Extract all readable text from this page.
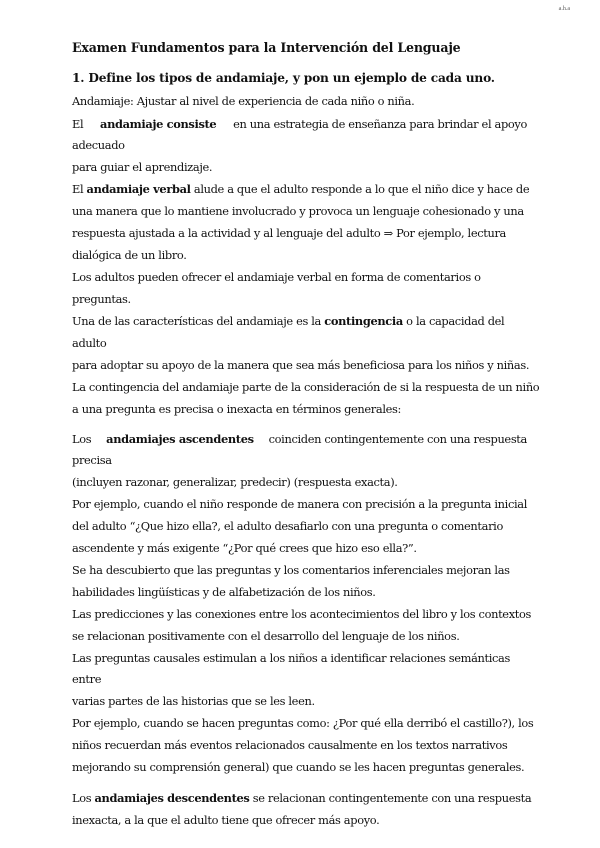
a.h.a
Examen Fundamentos para la Intervención del Lenguaje
1. Define los tipos de andamiaje, y pon un ejemplo de cada uno.
Andamiaje: Ajustar al nivel de experiencia de cada niño o niña.
El andamiaje consiste en una estrategia de enseñanza para brindar el apoyo
adecuado
para guiar el aprendizaje.
El andamiaje verbal alude a que el adulto responde a lo que el niño dice y hace de
una manera que lo mantiene involucrado y provoca un lenguaje cohesionado y una
respuesta ajustada a la actividad y al lenguaje del adulto ⇒ Por ejemplo, lectura
dialógica de un libro.
Los adultos pueden ofrecer el andamiaje verbal en forma de comentarios o
preguntas.
Una de las características del andamiaje es la contingencia o la capacidad del
adulto
para adoptar su apoyo de la manera que sea más beneficiosa para los niños y niñas.
La contingencia del andamiaje parte de la consideración de si la respuesta de un niño
a una pregunta es precisa o inexacta en términos generales:
Los andamiajes ascendentes coinciden contingentemente con una respuesta
precisa
(incluyen razonar, generalizar, predecir) (respuesta exacta).
Por ejemplo, cuando el niño responde de manera con precisión a la pregunta inicial
del adulto “¿Que hizo ella?, el adulto desafiarlo con una pregunta o comentario
ascendente y más exigente “¿Por qué crees que hizo eso ella?”.
Se ha descubierto que las preguntas y los comentarios inferenciales mejoran las
habilidades lingüísticas y de alfabetización de los niños.
Las predicciones y las conexiones entre los acontecimientos del libro y los contextos
se relacionan positivamente con el desarrollo del lenguaje de los niños.
Las preguntas causales estimulan a los niños a identificar relaciones semánticas
entre
varias partes de las historias que se les leen.
Por ejemplo, cuando se hacen preguntas como: ¿Por qué ella derribó el castillo?), los
niños recuerdan más eventos relacionados causalmente en los textos narrativos
mejorando su comprensión general) que cuando se les hacen preguntas generales.
Los andamiajes descendentes se relacionan contingentemente con una respuesta
inexacta, a la que el adulto tiene que ofrecer más apoyo.
